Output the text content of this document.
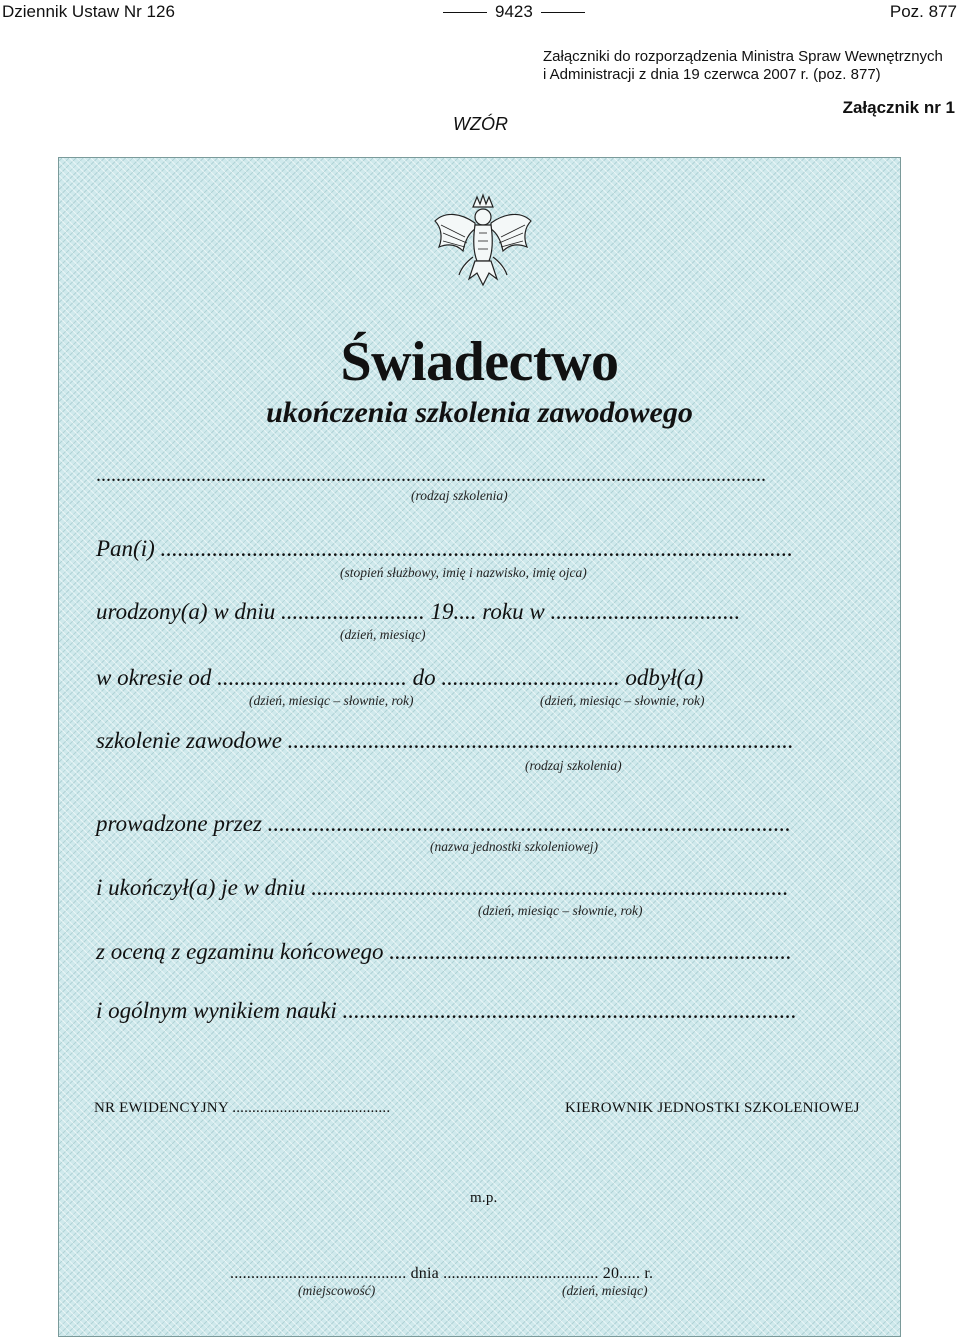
Dziennik Ustaw Nr 126	9423	Poz. 877
Załączniki do rozporządzenia Ministra Spraw Wewnętrznych
i Administracji z dnia 19 czerwca 2007 r. (poz. 877)
Załącznik nr 1
WZÓR
Świadectwo
ukończenia szkolenia zawodowego
......................................................................................................................................
(rodzaj szkolenia)
Pan(i) ..............................................................................................................
(stopień służbowy, imię i nazwisko, imię ojca)
urodzony(a) w dniu ......................... 19.... roku w .................................
(dzień, miesiąc)
w okresie od ................................. do ............................... odbył(a)
(dzień, miesiąc – słownie, rok)	(dzień, miesiąc – słownie, rok)
szkolenie zawodowe ........................................................................................
(rodzaj szkolenia)
prowadzone przez ...........................................................................................
(nazwa jednostki szkoleniowej)
i ukończył(a) je w dniu ...................................................................................
(dzień, miesiąc – słownie, rok)
z oceną z egzaminu końcowego ......................................................................
i ogólnym wynikiem nauki ...............................................................................
NR EWIDENCYJNY ........................................	KIEROWNIK JEDNOSTKI SZKOLENIOWEJ
m.p.
.......................................... dnia ..................................... 20..... r.
(miejscowość)	(dzień, miesiąc)
